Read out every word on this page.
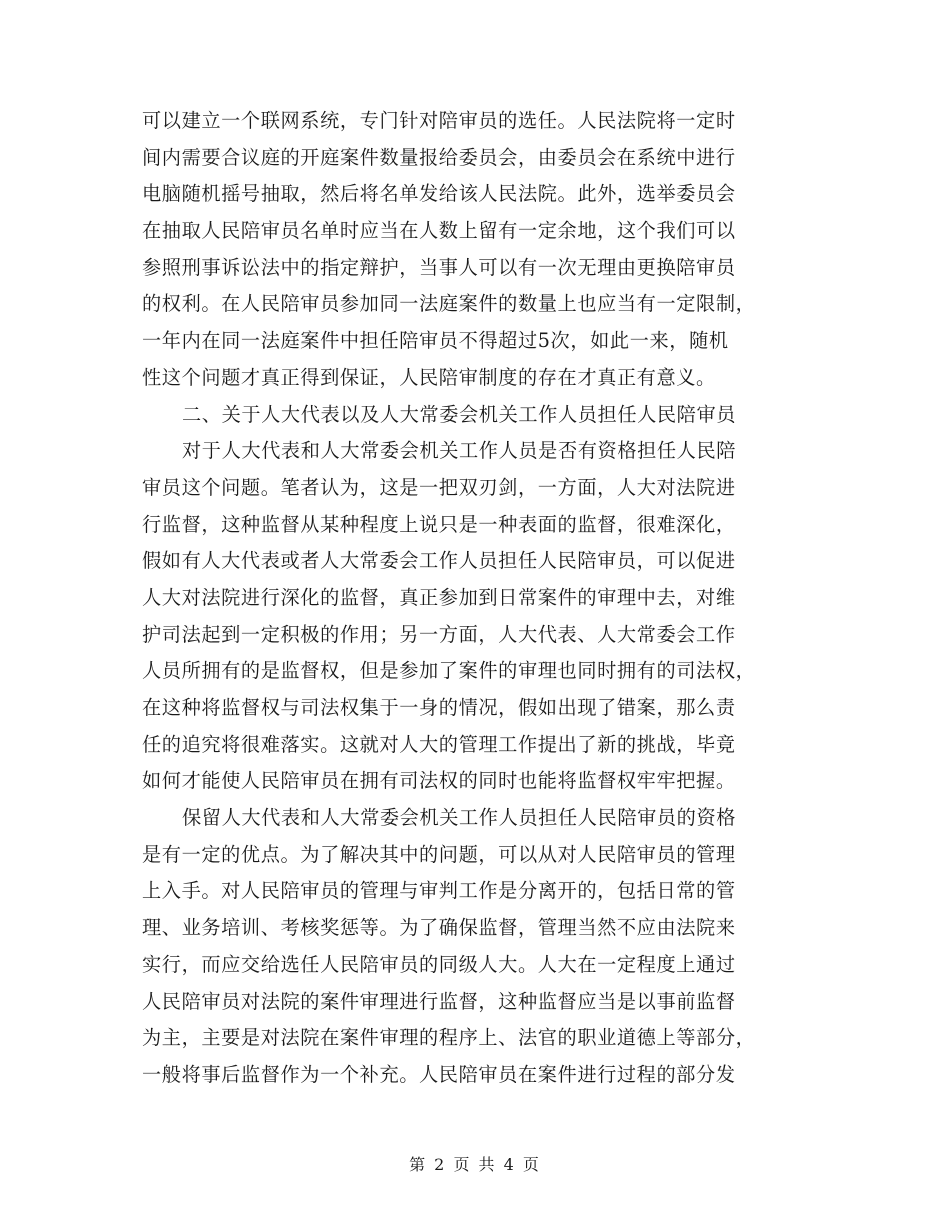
可以建立一个联网系统，专门针对陪审员的选任。人民法院将一定时
间内需要合议庭的开庭案件数量报给委员会，由委员会在系统中进行
电脑随机摇号抽取，然后将名单发给该人民法院。此外，选举委员会
在抽取人民陪审员名单时应当在人数上留有一定余地，这个我们可以
参照刑事诉讼法中的指定辩护，当事人可以有一次无理由更换陪审员
的权利。在人民陪审员参加同一法庭案件的数量上也应当有一定限制，
一年内在同一法庭案件中担任陪审员不得超过5次，如此一来，随机
性这个问题才真正得到保证，人民陪审制度的存在才真正有意义。
二、关于人大代表以及人大常委会机关工作人员担任人民陪审员
对于人大代表和人大常委会机关工作人员是否有资格担任人民陪
审员这个问题。笔者认为，这是一把双刃剑，一方面，人大对法院进
行监督，这种监督从某种程度上说只是一种表面的监督，很难深化，
假如有人大代表或者人大常委会工作人员担任人民陪审员，可以促进
人大对法院进行深化的监督，真正参加到日常案件的审理中去，对维
护司法起到一定积极的作用；另一方面，人大代表、人大常委会工作
人员所拥有的是监督权，但是参加了案件的审理也同时拥有的司法权，
在这种将监督权与司法权集于一身的情况，假如出现了错案，那么责
任的追究将很难落实。这就对人大的管理工作提出了新的挑战，毕竟
如何才能使人民陪审员在拥有司法权的同时也能将监督权牢牢把握。
保留人大代表和人大常委会机关工作人员担任人民陪审员的资格
是有一定的优点。为了解决其中的问题，可以从对人民陪审员的管理
上入手。对人民陪审员的管理与审判工作是分离开的，包括日常的管
理、业务培训、考核奖惩等。为了确保监督，管理当然不应由法院来
实行，而应交给选任人民陪审员的同级人大。人大在一定程度上通过
人民陪审员对法院的案件审理进行监督，这种监督应当是以事前监督
为主，主要是对法院在案件审理的程序上、法官的职业道德上等部分，
一般将事后监督作为一个补充。人民陪审员在案件进行过程的部分发
第 2 页 共 4 页
